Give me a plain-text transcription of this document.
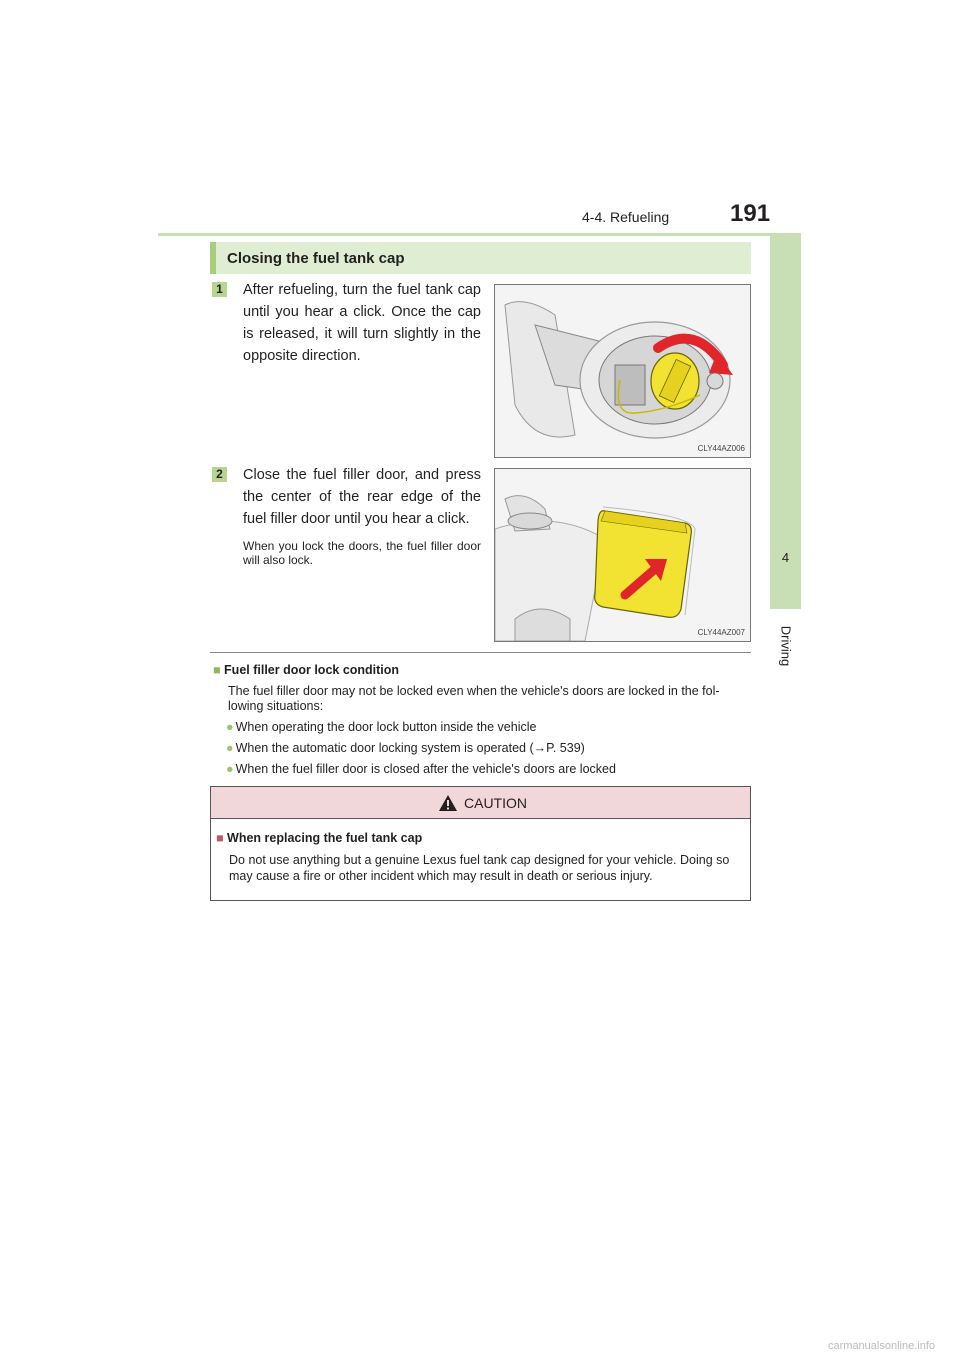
4-4. Refueling	191
4
Driving
Closing the fuel tank cap
1 After refueling, turn the fuel tank cap until you hear a click. Once the cap is released, it will turn slightly in the opposite direction.
CLY44AZ006
2 Close the fuel filler door, and press the center of the rear edge of the fuel filler door until you hear a click.
When you lock the doors, the fuel filler door will also lock.
CLY44AZ007
■ Fuel filler door lock condition
The fuel filler door may not be locked even when the vehicle's doors are locked in the fol-lowing situations:
● When operating the door lock button inside the vehicle
● When the automatic door locking system is operated (→P. 539)
● When the fuel filler door is closed after the vehicle's doors are locked
CAUTION
■ When replacing the fuel tank cap
Do not use anything but a genuine Lexus fuel tank cap designed for your vehicle. Doing so may cause a fire or other incident which may result in death or serious injury.
carmanualsonline.info
